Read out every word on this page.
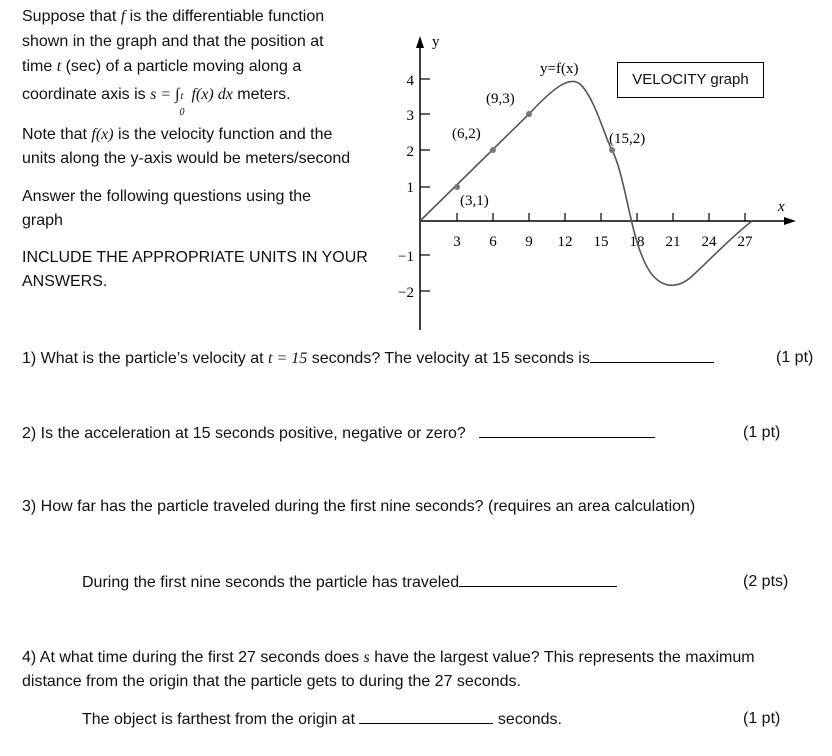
Suppose that f is the differentiable function
shown in the graph and that the position at
time t (sec) of a particle moving along a
coordinate axis is s = ∫ t
0
f(x) dx meters.
Note that f(x) is the velocity function and the
units along the y-axis would be meters/second
Answer the following questions using the
graph
INCLUDE THE APPROPRIATE UNITS IN YOUR
ANSWERS.
y
x
1
2
3
4
−1
−2
3 6 9 12 15 18 21 24 27
(3,1)
(6,2)
(9,3)
(15,2)
y=f(x)
VELOCITY graph
1) What is the particle’s velocity at t = 15 seconds? The velocity at 15 seconds is	(1 pt)
2) Is the acceleration at 15 seconds positive, negative or zero?	(1 pt)
3) How far has the particle traveled during the first nine seconds? (requires an area calculation)
During the first nine seconds the particle has traveled	(2 pts)
4) At what time during the first 27 seconds does s have the largest value? This represents the maximum
distance from the origin that the particle gets to during the 27 seconds.
The object is farthest from the origin at	seconds.	(1 pt)
